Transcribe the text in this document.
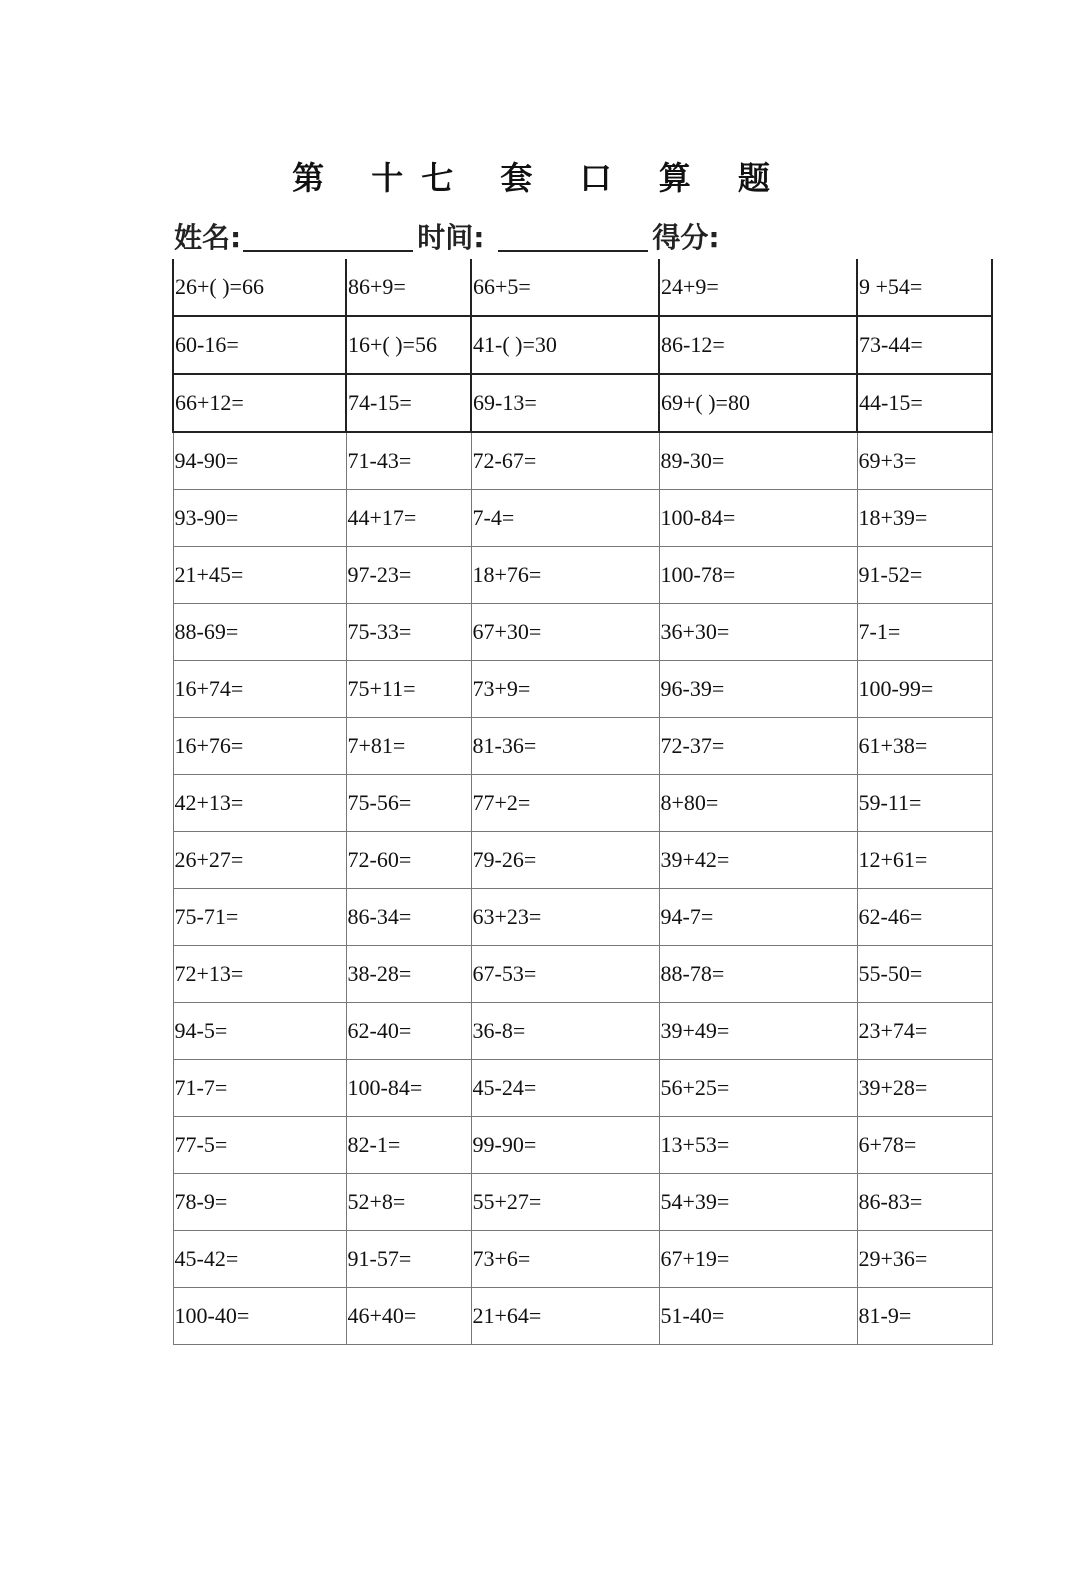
第 十七 套 口 算 题
姓名:	时间:	得分:
26+( )=66	86+9=	66+5=	24+9=	9 +54=
60-16=	16+( )=56	41-( )=30	86-12=	73-44=
66+12=	74-15=	69-13=	69+( )=80	44-15=
94-90=	71-43=	72-67=	89-30=	69+3=
93-90=	44+17=	7-4=	100-84=	18+39=
21+45=	97-23=	18+76=	100-78=	91-52=
88-69=	75-33=	67+30=	36+30=	7-1=
16+74=	75+11=	73+9=	96-39=	100-99=
16+76=	7+81=	81-36=	72-37=	61+38=
42+13=	75-56=	77+2=	8+80=	59-11=
26+27=	72-60=	79-26=	39+42=	12+61=
75-71=	86-34=	63+23=	94-7=	62-46=
72+13=	38-28=	67-53=	88-78=	55-50=
94-5=	62-40=	36-8=	39+49=	23+74=
71-7=	100-84=	45-24=	56+25=	39+28=
77-5=	82-1=	99-90=	13+53=	6+78=
78-9=	52+8=	55+27=	54+39=	86-83=
45-42=	91-57=	73+6=	67+19=	29+36=
100-40=	46+40=	21+64=	51-40=	81-9=
